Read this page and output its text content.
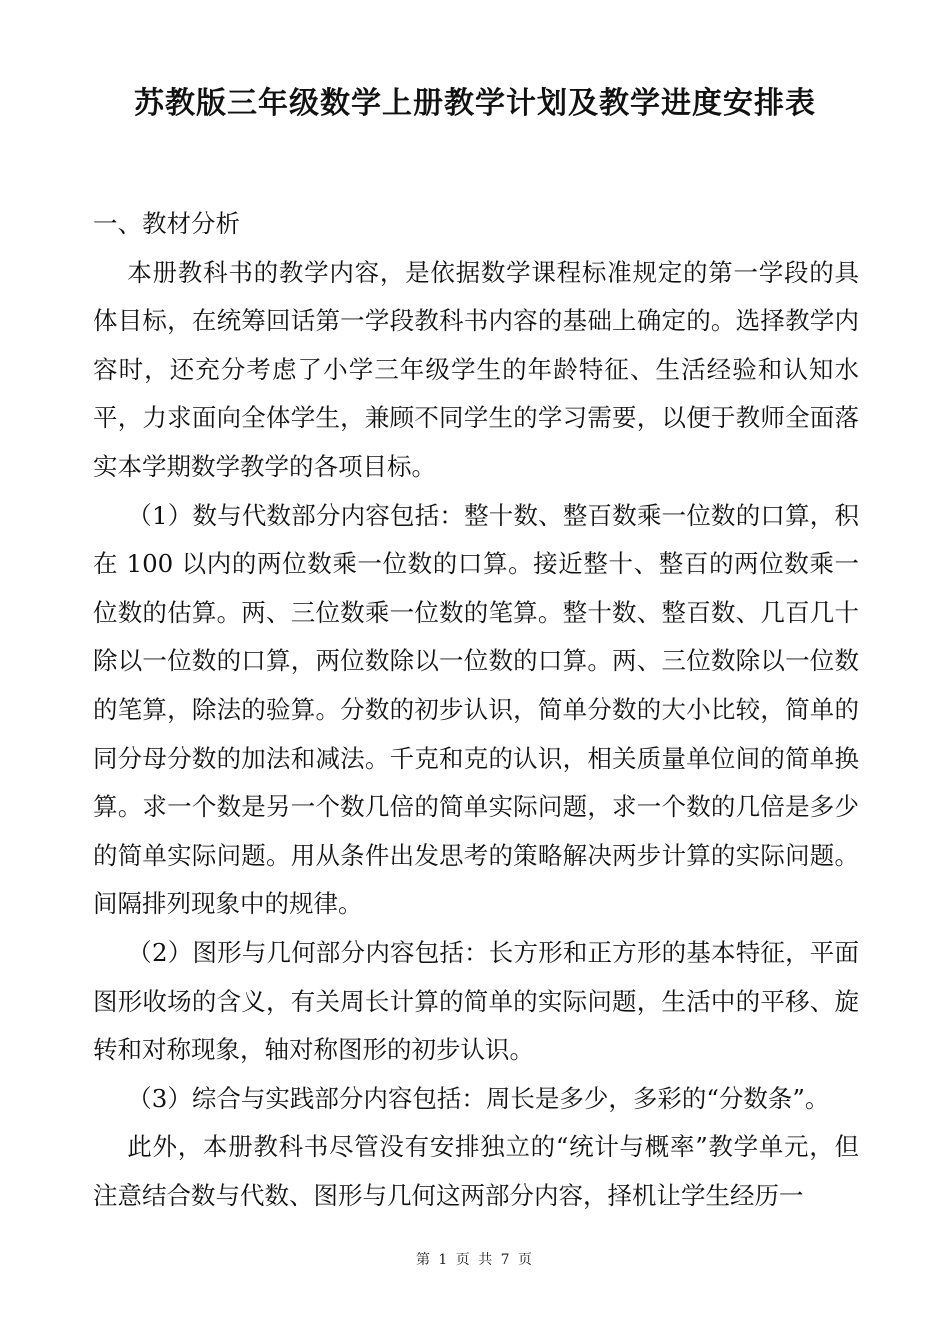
苏教版三年级数学上册教学计划及教学进度安排表

一、教材分析

本册教科书的教学内容，是依据数学课程标准规定的第一学段的具体目标，在统筹回话第一学段教科书内容的基础上确定的。选择教学内容时，还充分考虑了小学三年级学生的年龄特征、生活经验和认知水平，力求面向全体学生，兼顾不同学生的学习需要，以便于教师全面落实本学期数学教学的各项目标。

（1）数与代数部分内容包括：整十数、整百数乘一位数的口算，积在 100 以内的两位数乘一位数的口算。接近整十、整百的两位数乘一位数的估算。两、三位数乘一位数的笔算。整十数、整百数、几百几十除以一位数的口算，两位数除以一位数的口算。两、三位数除以一位数的笔算，除法的验算。分数的初步认识，简单分数的大小比较，简单的同分母分数的加法和减法。千克和克的认识，相关质量单位间的简单换算。求一个数是另一个数几倍的简单实际问题，求一个数的几倍是多少的简单实际问题。用从条件出发思考的策略解决两步计算的实际问题。间隔排列现象中的规律。

（2）图形与几何部分内容包括：长方形和正方形的基本特征，平面图形收场的含义，有关周长计算的简单的实际问题，生活中的平移、旋转和对称现象，轴对称图形的初步认识。

（3）综合与实践部分内容包括：周长是多少，多彩的“分数条”。

此外，本册教科书尽管没有安排独立的“统计与概率”教学单元，但注意结合数与代数、图形与几何这两部分内容，择机让学生经历一

第 1 页 共 7 页
